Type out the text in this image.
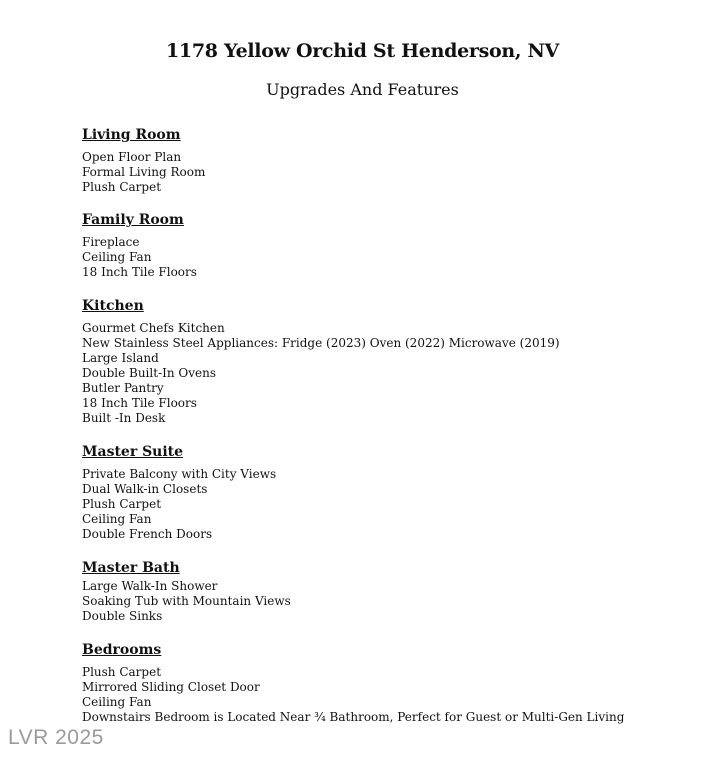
1178 Yellow Orchid St Henderson, NV
Upgrades And Features
Living Room
Open Floor Plan
Formal Living Room
Plush Carpet
Family Room
Fireplace
Ceiling Fan
18 Inch Tile Floors
Kitchen
Gourmet Chefs Kitchen
New Stainless Steel Appliances: Fridge (2023) Oven (2022) Microwave (2019)
Large Island
Double Built-In Ovens
Butler Pantry
18 Inch Tile Floors
Built -In Desk
Master Suite
Private Balcony with City Views
Dual Walk-in Closets
Plush Carpet
Ceiling Fan
Double French Doors
Master Bath
Large Walk-In Shower
Soaking Tub with Mountain Views
Double Sinks
Bedrooms
Plush Carpet
Mirrored Sliding Closet Door
Ceiling Fan
Downstairs Bedroom is Located Near ¾ Bathroom, Perfect for Guest or Multi-Gen Living
LVR 2025
